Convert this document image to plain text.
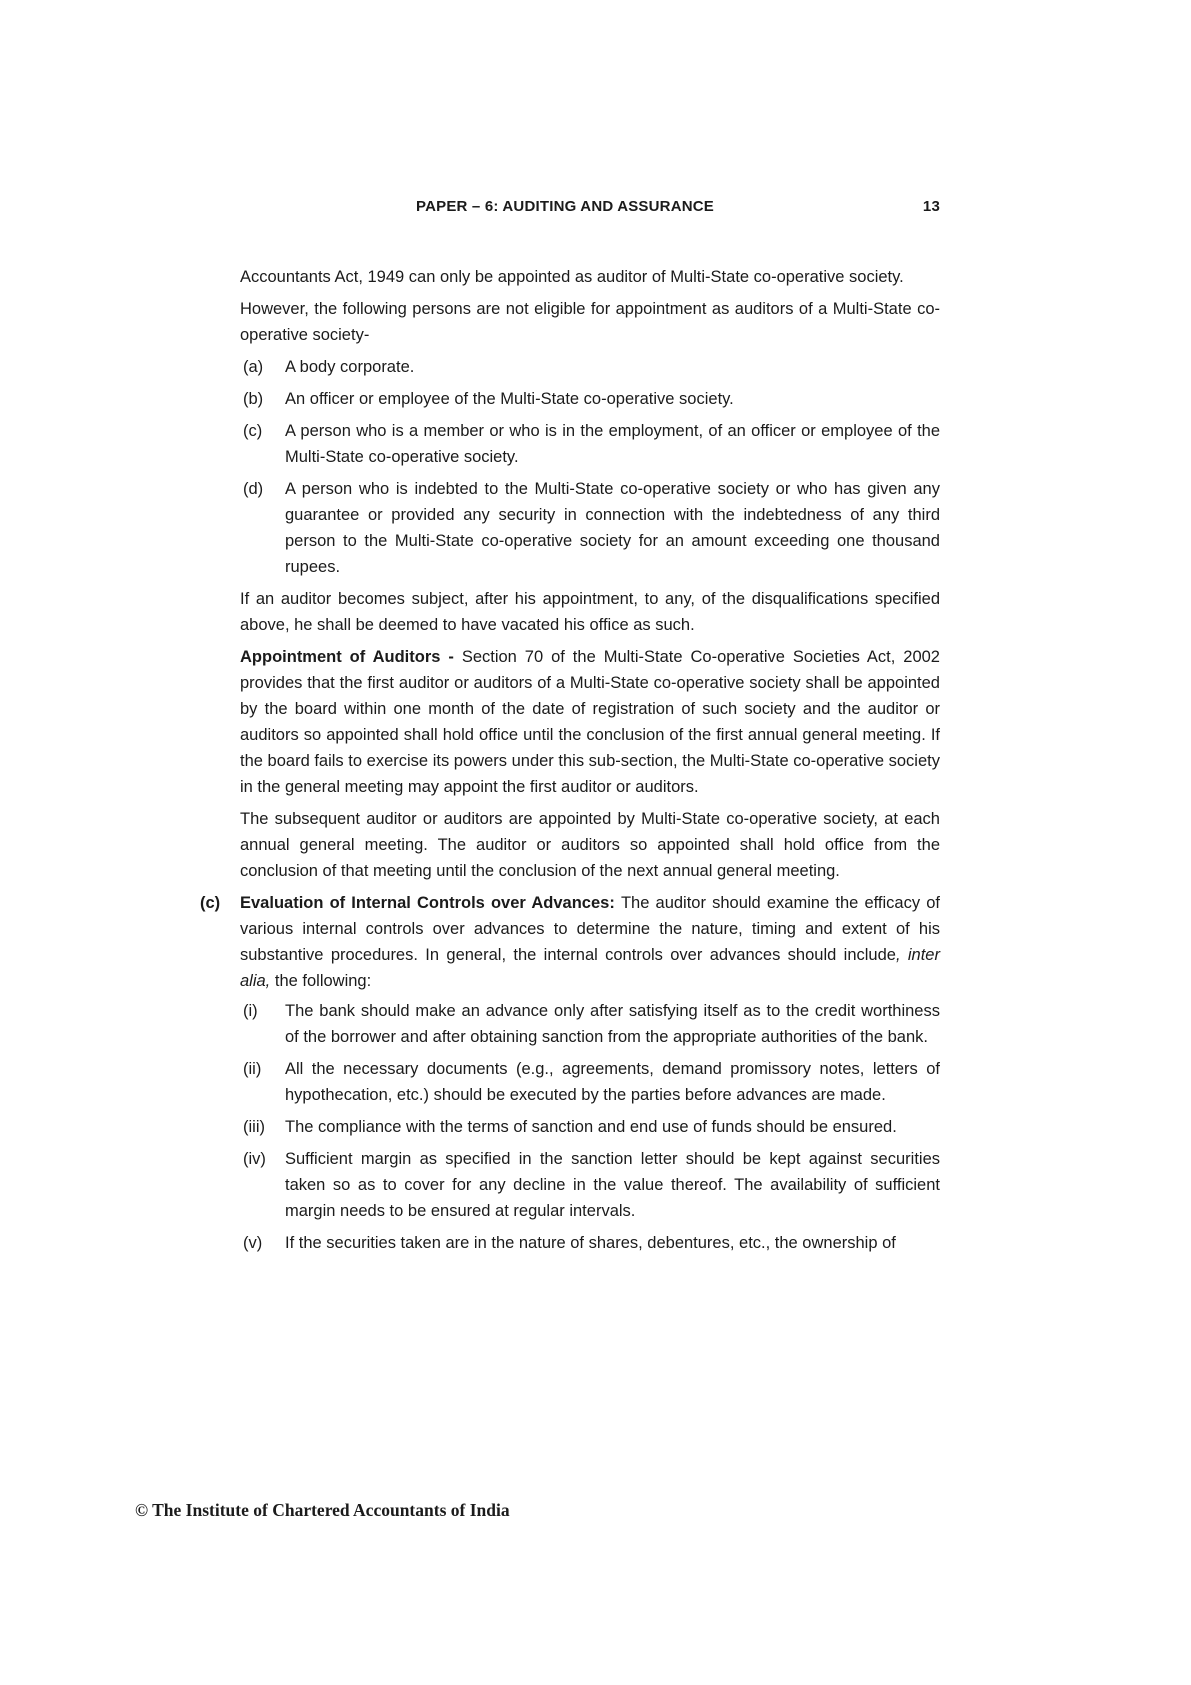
PAPER – 6: AUDITING AND ASSURANCE	13

Accountants Act, 1949 can only be appointed as auditor of Multi-State co-operative society.

However, the following persons are not eligible for appointment as auditors of a Multi-State co-operative society-

(a) A body corporate.
(b) An officer or employee of the Multi-State co-operative society.
(c) A person who is a member or who is in the employment, of an officer or employee of the Multi-State co-operative society.
(d) A person who is indebted to the Multi-State co-operative society or who has given any guarantee or provided any security in connection with the indebtedness of any third person to the Multi-State co-operative society for an amount exceeding one thousand rupees.

If an auditor becomes subject, after his appointment, to any, of the disqualifications specified above, he shall be deemed to have vacated his office as such.

Appointment of Auditors - Section 70 of the Multi-State Co-operative Societies Act, 2002 provides that the first auditor or auditors of a Multi-State co-operative society shall be appointed by the board within one month of the date of registration of such society and the auditor or auditors so appointed shall hold office until the conclusion of the first annual general meeting. If the board fails to exercise its powers under this sub-section, the Multi-State co-operative society in the general meeting may appoint the first auditor or auditors.

The subsequent auditor or auditors are appointed by Multi-State co-operative society, at each annual general meeting. The auditor or auditors so appointed shall hold office from the conclusion of that meeting until the conclusion of the next annual general meeting.

(c) Evaluation of Internal Controls over Advances: The auditor should examine the efficacy of various internal controls over advances to determine the nature, timing and extent of his substantive procedures. In general, the internal controls over advances should include, inter alia, the following:
(i) The bank should make an advance only after satisfying itself as to the credit worthiness of the borrower and after obtaining sanction from the appropriate authorities of the bank.
(ii) All the necessary documents (e.g., agreements, demand promissory notes, letters of hypothecation, etc.) should be executed by the parties before advances are made.
(iii) The compliance with the terms of sanction and end use of funds should be ensured.
(iv) Sufficient margin as specified in the sanction letter should be kept against securities taken so as to cover for any decline in the value thereof. The availability of sufficient margin needs to be ensured at regular intervals.
(v) If the securities taken are in the nature of shares, debentures, etc., the ownership of
© The Institute of Chartered Accountants of India
